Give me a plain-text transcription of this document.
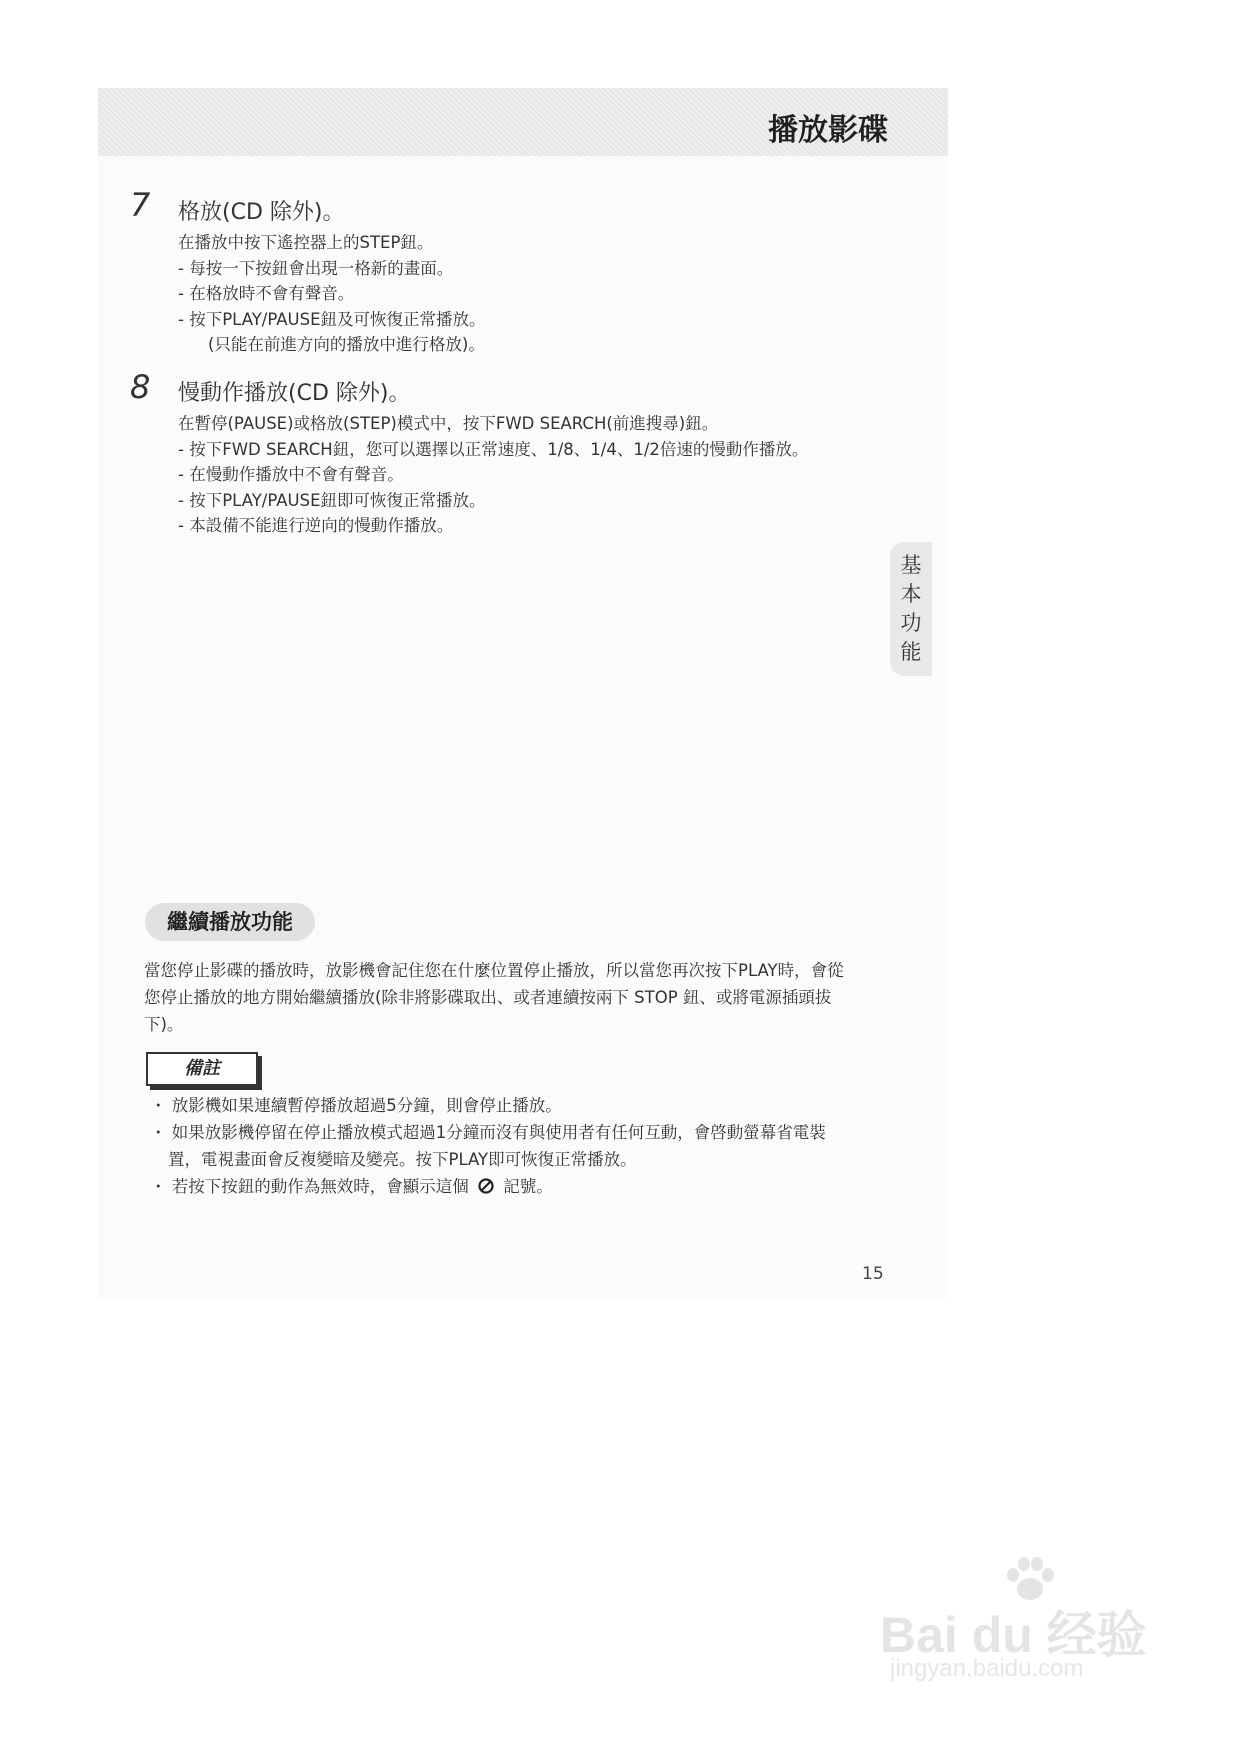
播放影碟
7 格放(CD 除外)。
在播放中按下遙控器上的STEP鈕。
- 每按一下按鈕會出現一格新的畫面。
- 在格放時不會有聲音。
- 按下PLAY/PAUSE鈕及可恢復正常播放。
(只能在前進方向的播放中進行格放)。
8 慢動作播放(CD 除外)。
在暫停(PAUSE)或格放(STEP)模式中，按下FWD SEARCH(前進搜尋)鈕。
- 按下FWD SEARCH鈕，您可以選擇以正常速度、1/8、1/4、1/2倍速的慢動作播放。
- 在慢動作播放中不會有聲音。
- 按下PLAY/PAUSE鈕即可恢復正常播放。
- 本設備不能進行逆向的慢動作播放。
基
本
功
能
繼續播放功能
當您停止影碟的播放時，放影機會記住您在什麼位置停止播放，所以當您再次按下PLAY時，會從
您停止播放的地方開始繼續播放(除非將影碟取出、或者連續按兩下 STOP 鈕、或將電源插頭拔
下)。
備註
・ 放影機如果連續暫停播放超過5分鐘，則會停止播放。
・ 如果放影機停留在停止播放模式超過1分鐘而沒有與使用者有任何互動，會啓動螢幕省電裝
置，電視畫面會反複變暗及變亮。按下PLAY即可恢復正常播放。
・ 若按下按鈕的動作為無效時，會顯示這個 記號。
15
Bai du 经验
jingyan.baidu.com
